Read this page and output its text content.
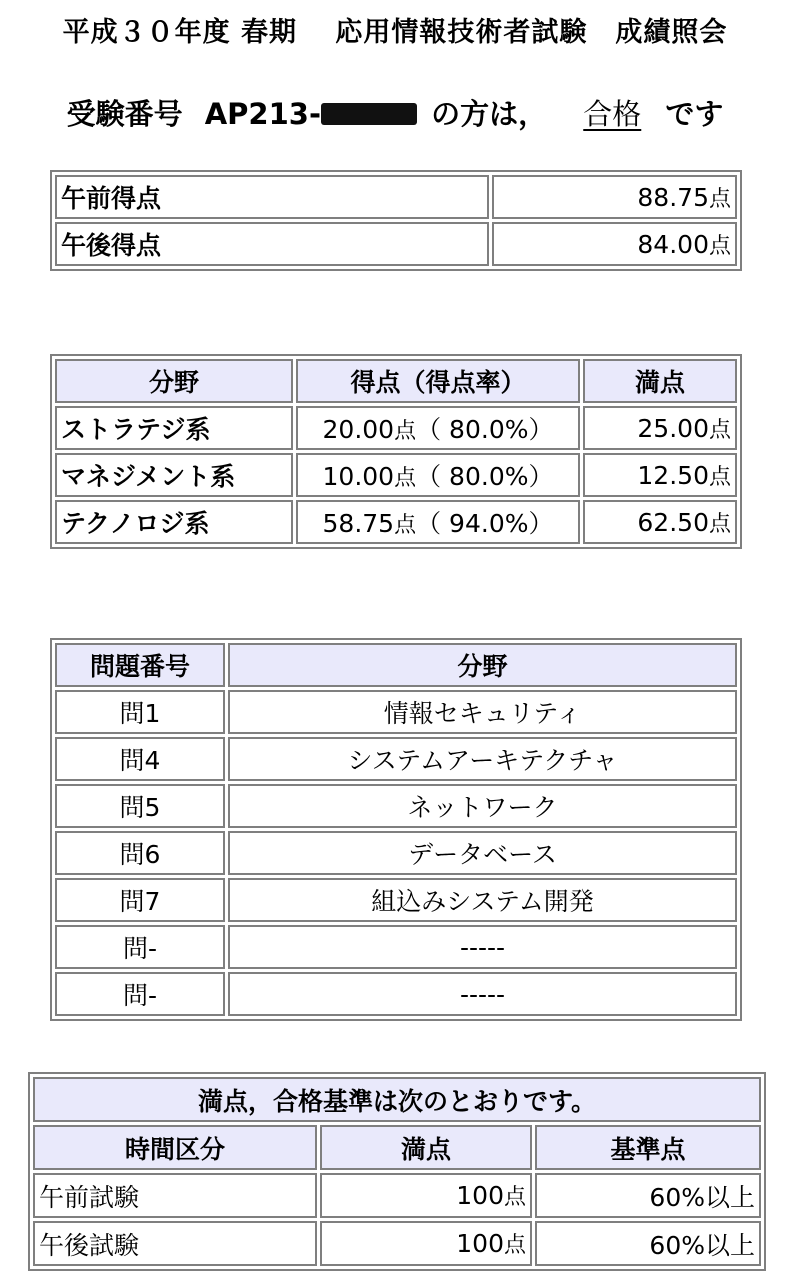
平成３０年度 春期　 応用情報技術者試験　成績照会
受験番号 AP213-	の方は， 合格 です
午前得点	88.75点
午後得点	84.00点
分野	得点（得点率）	満点
ストラテジ系	20.00点（ 80.0%）	25.00点
マネジメント系	10.00点（ 80.0%）	12.50点
テクノロジ系	58.75点（ 94.0%）	62.50点
問題番号	分野
問1	情報セキュリティ
問4	システムアーキテクチャ
問5	ネットワーク
問6	データベース
問7	組込みシステム開発
問-	-----
問-	-----
満点，合格基準は次のとおりです。		
時間区分	満点	基準点
午前試験	100点	60%以上
午後試験	100点	60%以上
